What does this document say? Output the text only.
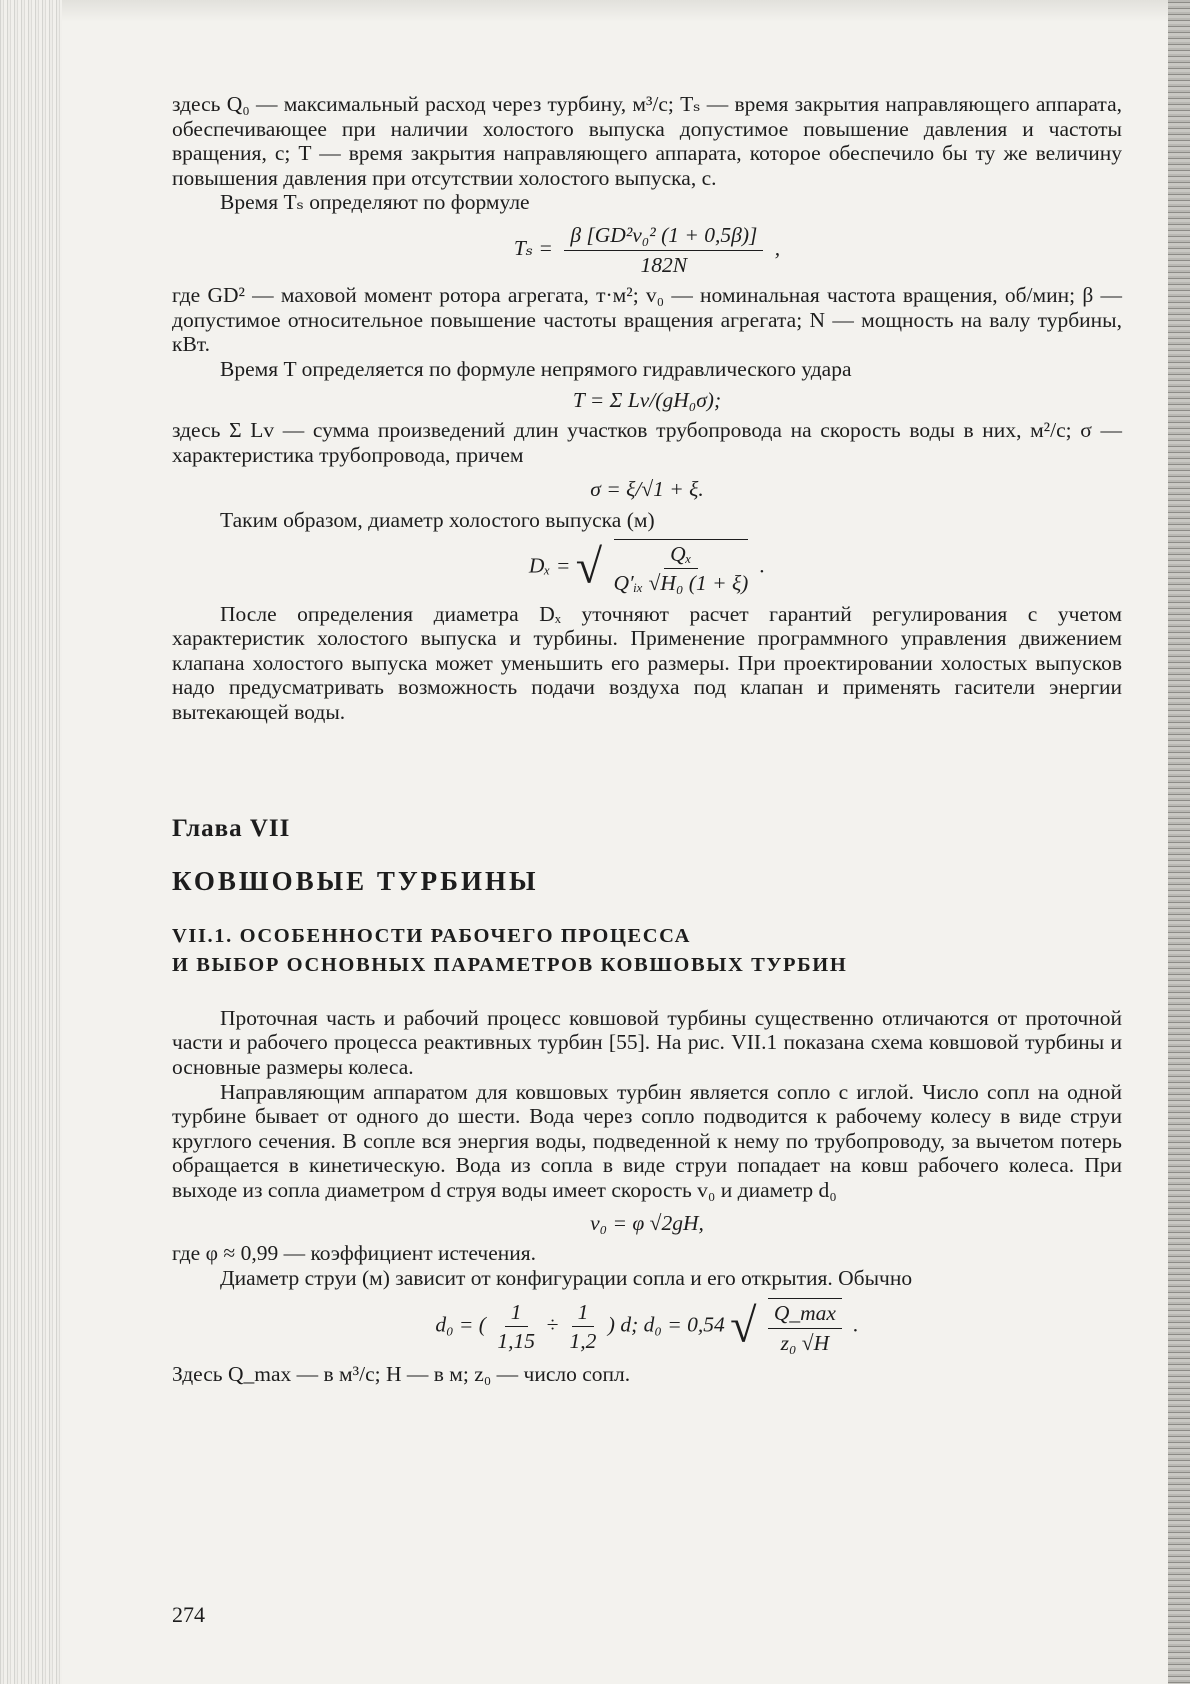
здесь Q₀ — максимальный расход через турбину, м³/с; Tₛ — время закрытия направляющего аппарата, обеспечивающее при наличии холостого выпуска допустимое повышение давления и частоты вращения, с; T — время закрытия направляющего аппарата, которое обеспечило бы ту же величину повышения давления при отсутствии холостого выпуска, с.

Время Tₛ определяют по формуле

$T_s = \frac{\text{β [GD²v₀² (1 + 0,5β)]}}{182N}$ ,

где GD² — маховой момент ротора агрегата, т·м²; v₀ — номинальная частота вращения, об/мин; β — допустимое относительное повышение частоты вращения агрегата; N — мощность на валу турбины, кВт.

Время T определяется по формуле непрямого гидравлического удара

T = Σ Lv/(gH₀σ);

здесь Σ Lv — сумма произведений длин участков трубопровода на скорость воды в них, м²/с; σ — характеристика трубопровода, причем

σ = ξ/√1 + ξ.

Таким образом, диаметр холостого выпуска (м)

Dₓ = √ $\frac{\text{Qₓ}}{\text{Q′ᵢₓ √H₀ (1 + ξ)}}$ .

После определения диаметра Dₓ уточняют расчет гарантий регулирования с учетом характеристик холостого выпуска и турбины. Применение программного управления движением клапана холостого выпуска может уменьшить его размеры. При проектировании холостых выпусков надо предусматривать возможность подачи воздуха под клапан и применять гасители энергии вытекающей воды.

Глава VII
КОВШОВЫЕ ТУРБИНЫ
VII.1. ОСОБЕННОСТИ РАБОЧЕГО ПРОЦЕССА
И ВЫБОР ОСНОВНЫХ ПАРАМЕТРОВ КОВШОВЫХ ТУРБИН

Проточная часть и рабочий процесс ковшовой турбины существенно отличаются от проточной части и рабочего процесса реактивных турбин [55]. На рис. VII.1 показана схема ковшовой турбины и основные размеры колеса.

Направляющим аппаратом для ковшовых турбин является сопло с иглой. Число сопл на одной турбине бывает от одного до шести. Вода через сопло подводится к рабочему колесу в виде струи круглого сечения. В сопле вся энергия воды, подведенной к нему по трубопроводу, за вычетом потерь обращается в кинетическую. Вода из сопла в виде струи попадает на ковш рабочего колеса. При выходе из сопла диаметром d струя воды имеет скорость v₀ и диаметр d₀

v₀ = φ √2gH,

где φ ≈ 0,99 — коэффициент истечения.

Диаметр струи (м) зависит от конфигурации сопла и его открытия. Обычно

d₀ = ( $\frac{1}{1,15} \div \frac{1}{1,2}$ ) d; d₀ = 0,54 √ $\frac{Q\_\max}{\text{z₀ √H}}$ .

Здесь Q_max — в м³/с; H — в м; z₀ — число сопл.

274
